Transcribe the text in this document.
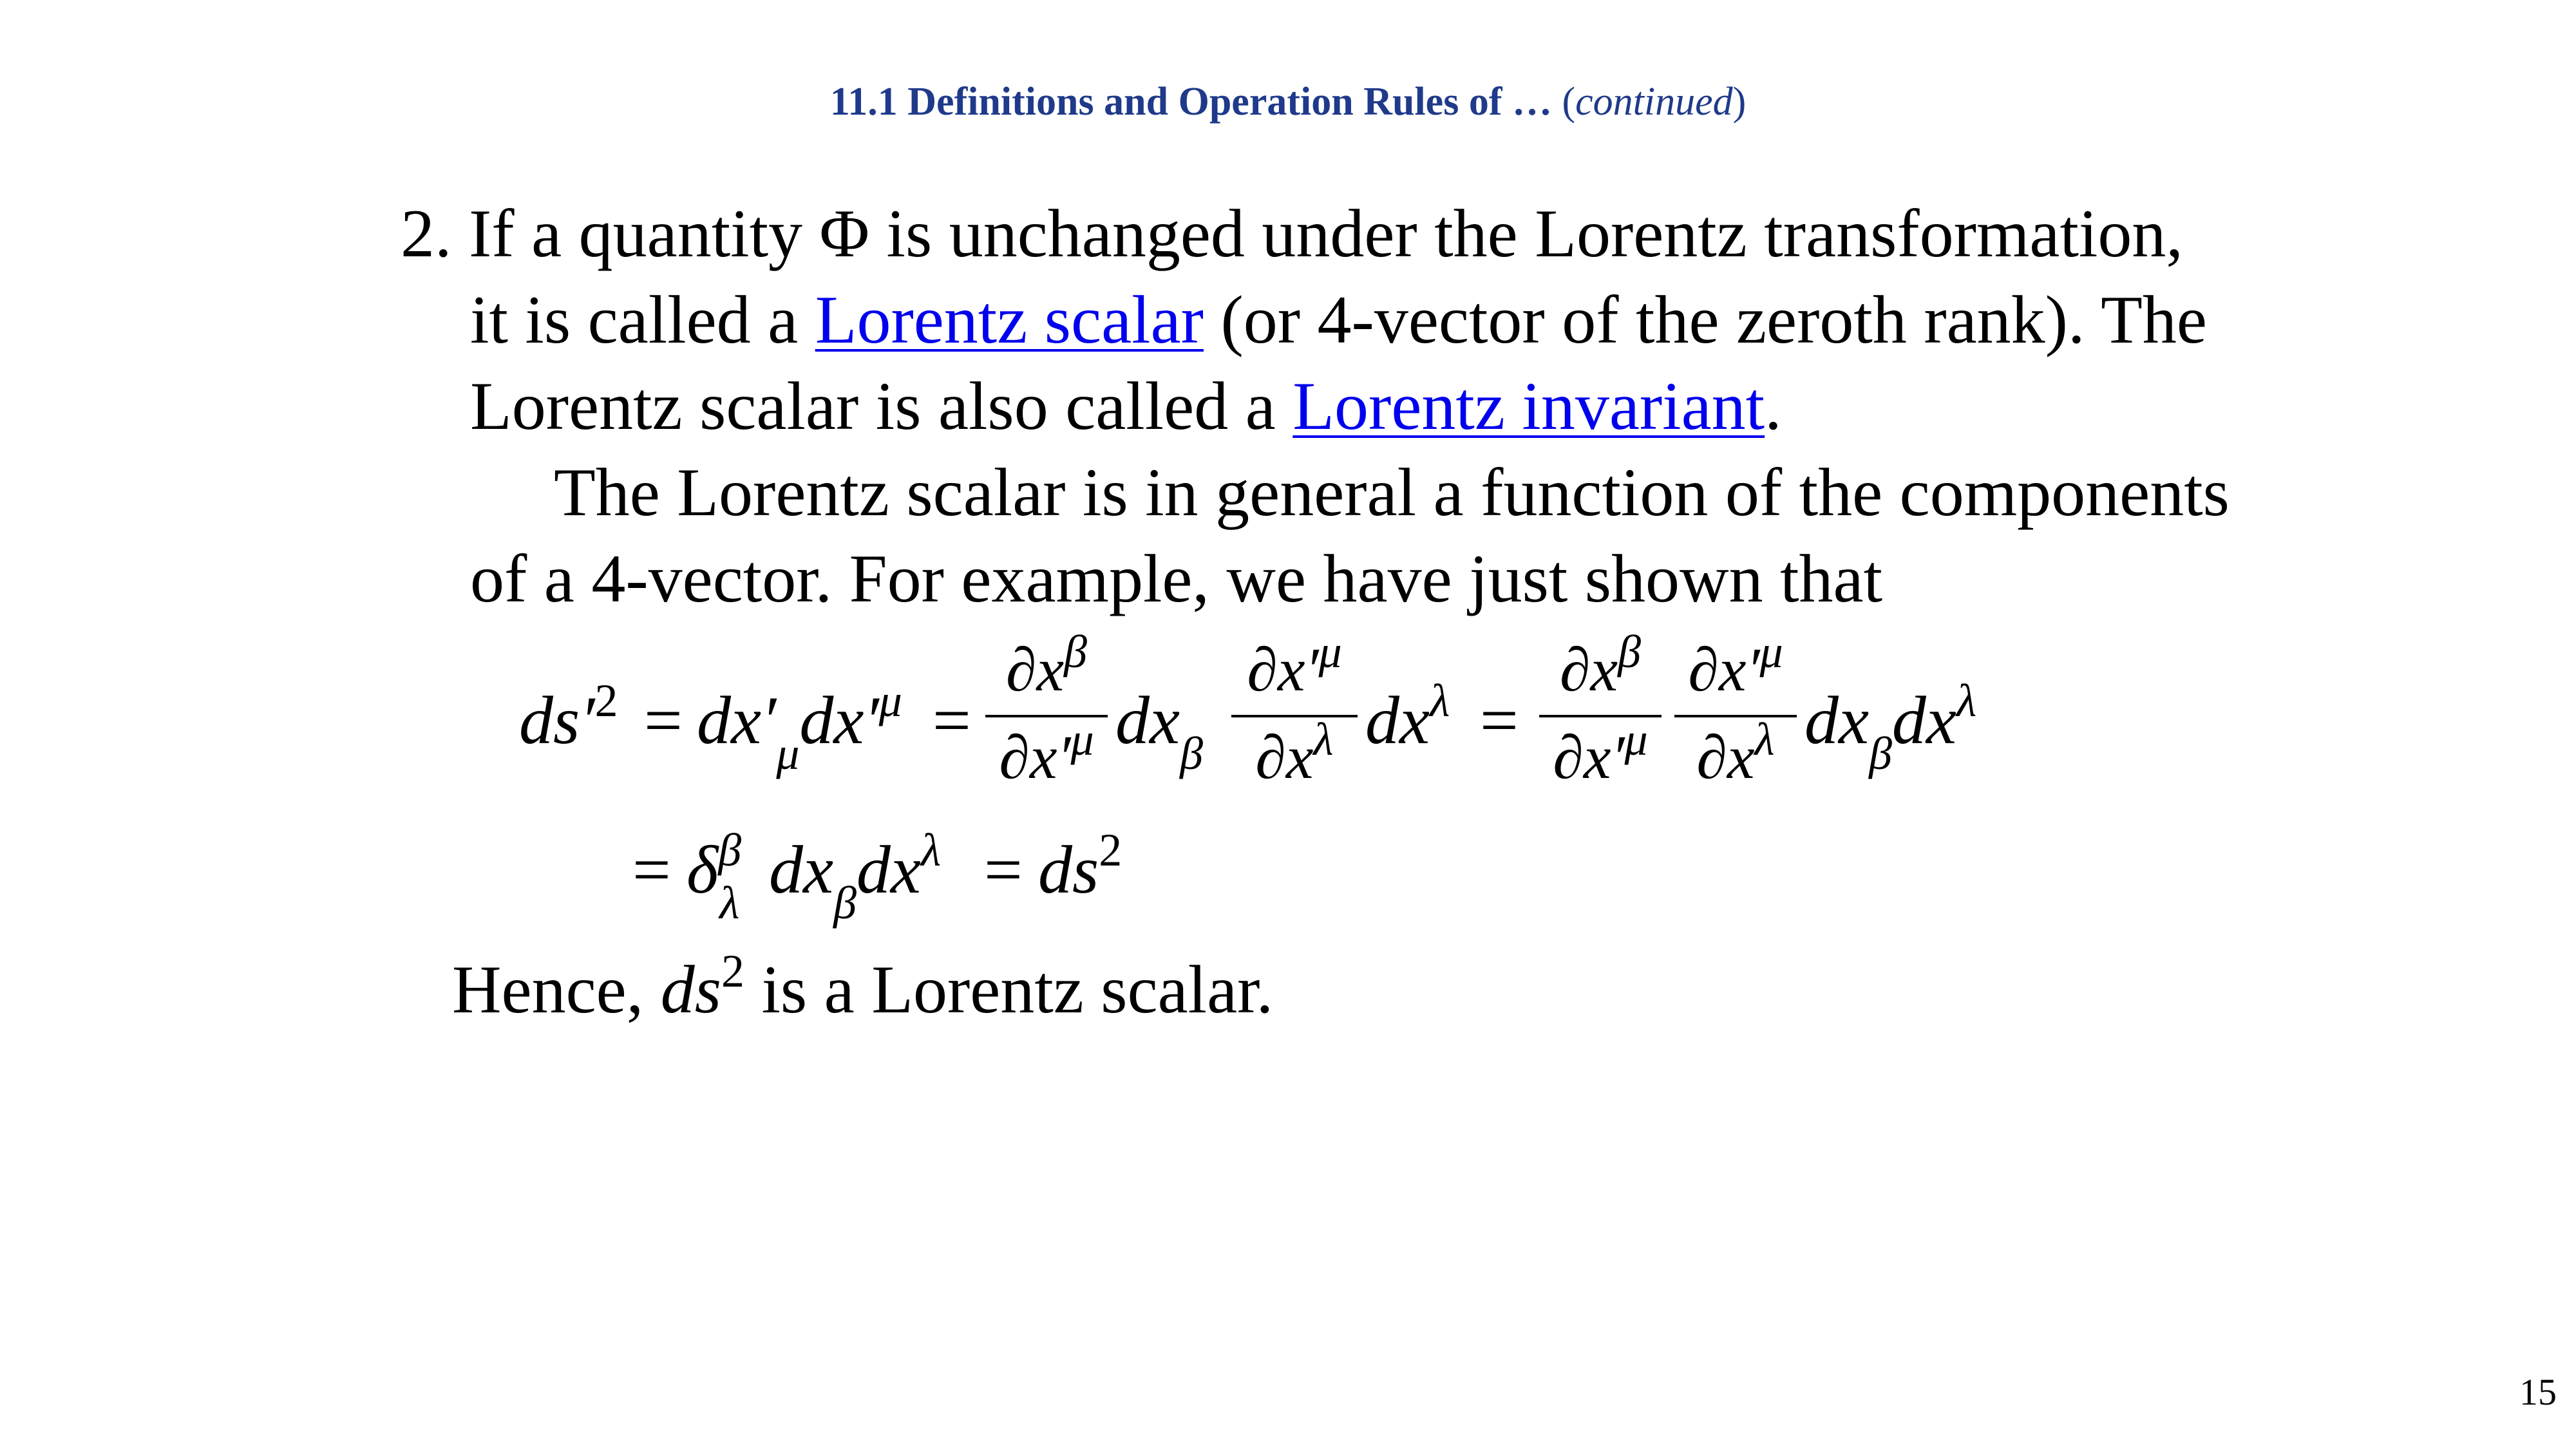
11.1 Definitions and Operation Rules of … (continued)
2. If a quantity Φ is unchanged under the Lorentz transformation,
it is called a Lorentz scalar (or 4-vector of the zeroth rank). The
Lorentz scalar is also called a Lorentz invariant.
The Lorentz scalar is in general a function of the components
of a 4-vector. For example, we have just shown that
$ds'^2 = dx'_\mu dx'^\mu$ =
$\partial x^\beta$
$\partial x'^\mu$ $dx_\beta$
$\partial x'^\mu$
$\partial x^\lambda$ $dx^\lambda$ =
$\partial x^\beta$
$\partial x'^\mu$
$\partial x'^\mu$
$\partial x^\lambda$ $dx_\beta dx^\lambda$
= $\delta^\beta_\lambda$ $dx_\beta dx^\lambda = ds^2$
Hence, $ds^2$ is a Lorentz scalar.
15
